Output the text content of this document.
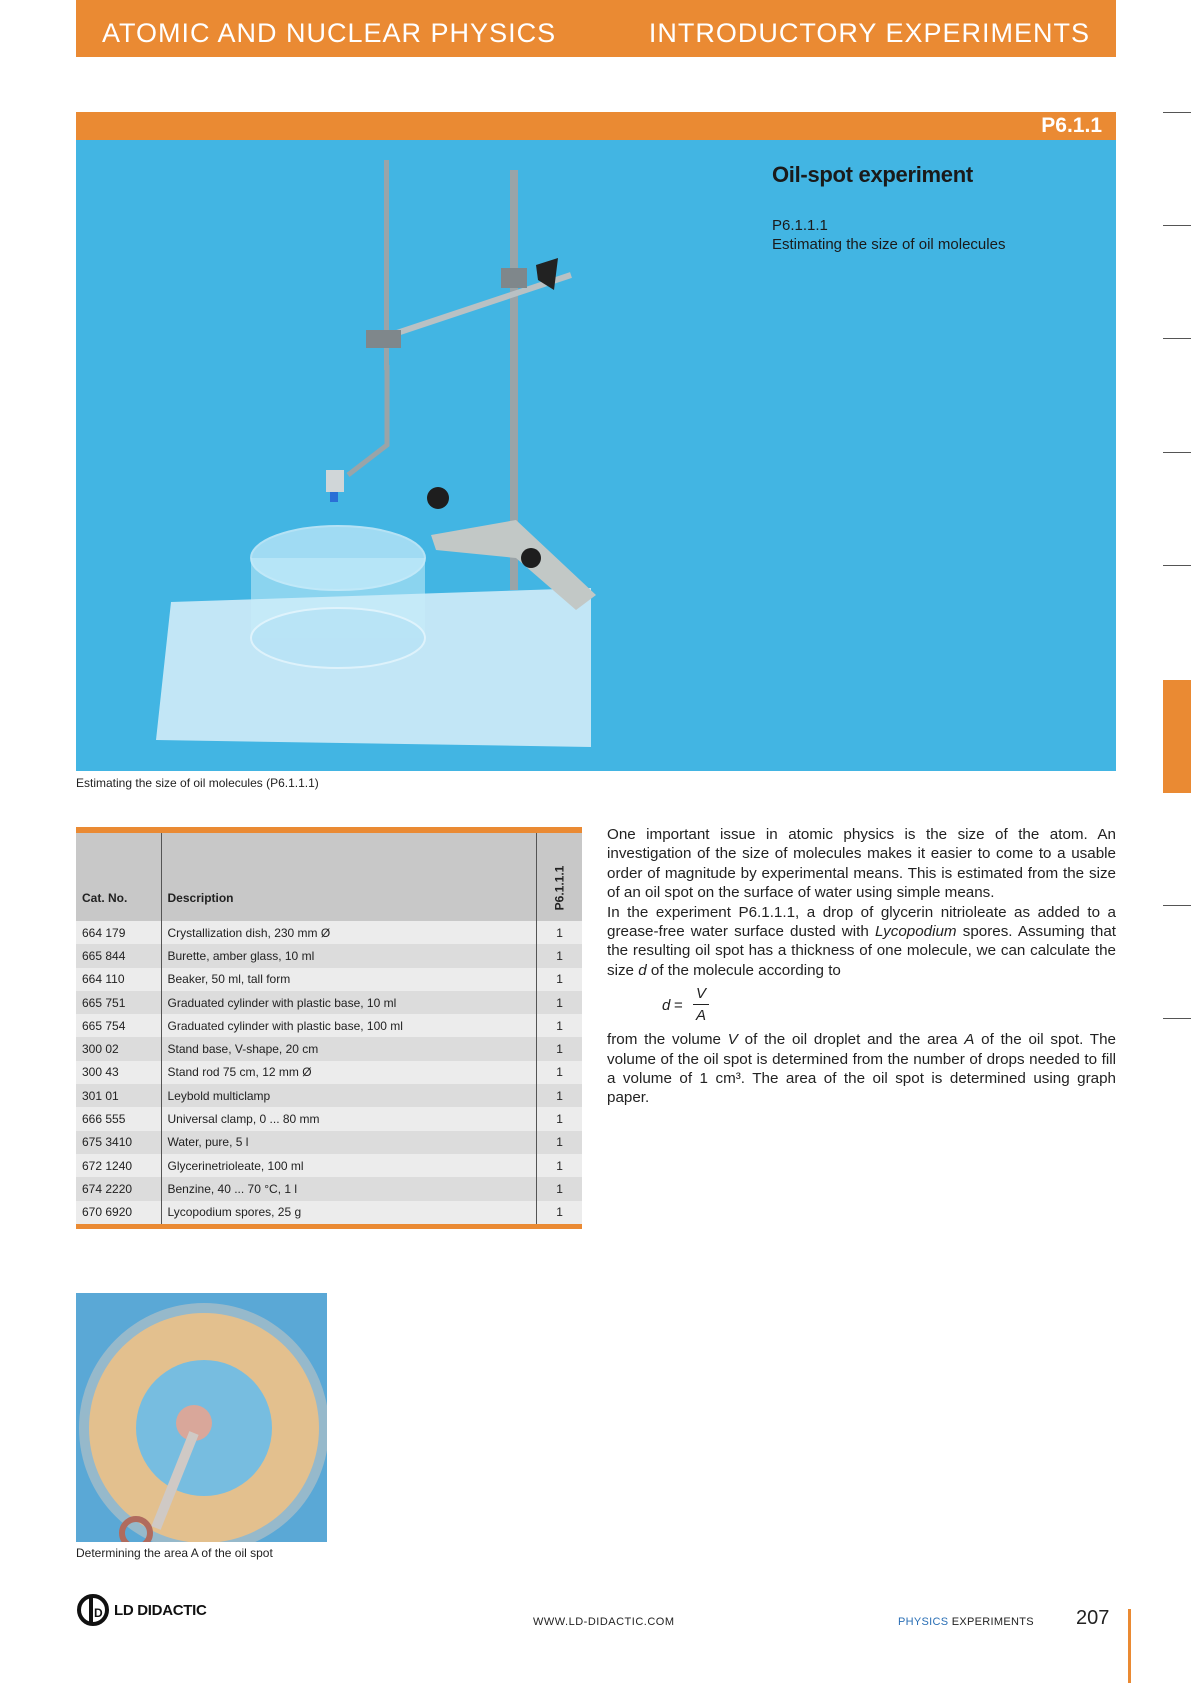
ATOMIC AND NUCLEAR PHYSICS	INTRODUCTORY EXPERIMENTS
P6.1.1
Oil-spot experiment
P6.1.1.1
Estimating the size of oil molecules
Estimating the size of oil molecules (P6.1.1.1)
Cat. No.	Description	P6.1.1.1
664 179	Crystallization dish, 230 mm Ø	1
665 844	Burette, amber glass, 10 ml	1
664 110	Beaker, 50 ml, tall form	1
665 751	Graduated cylinder with plastic base, 10 ml	1
665 754	Graduated cylinder with plastic base, 100 ml	1
300 02	Stand base, V-shape, 20 cm	1
300 43	Stand rod 75 cm, 12 mm Ø	1
301 01	Leybold multiclamp	1
666 555	Universal clamp, 0 ... 80 mm	1
675 3410	Water, pure, 5 l	1
672 1240	Glycerinetrioleate, 100 ml	1
674 2220	Benzine, 40 ... 70 °C, 1 l	1
670 6920	Lycopodium spores, 25 g	1

One important issue in atomic physics is the size of the atom. An investigation of the size of molecules makes it easier to come to a usable order of magnitude by experimental means. This is estimated from the size of an oil spot on the surface of water using simple means.

In the experiment P6.1.1.1, a drop of glycerin nitrioleate as added to a grease-free water surface dusted with Lycopodium spores. Assuming that the resulting oil spot has a thickness of one molecule, we can calculate the size d of the molecule according to

d =
V
A

from the volume V of the oil droplet and the area A of the oil spot. The volume of the oil spot is determined from the number of drops needed to fill a volume of 1 cm³. The area of the oil spot is determined using graph paper.

Determining the area A of the oil spot
D LD DIDACTIC
WWW.LD-DIDACTIC.COM	PHYSICS EXPERIMENTS 207
